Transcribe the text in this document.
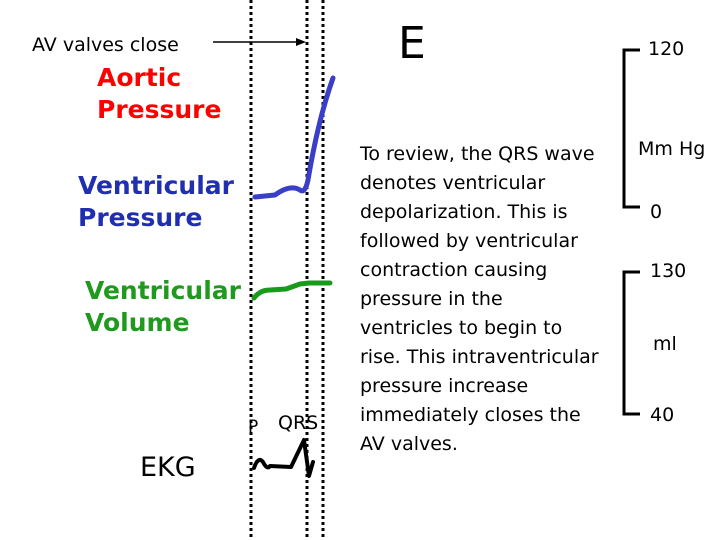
AV valves close	E
Aortic
Pressure
Ventricular
Pressure
Ventricular
Volume
P QRS
EKG
To review, the QRS wave denotes ventricular depolarization. This is followed by ventricular contraction causing pressure in the ventricles to begin to rise. This intraventricular pressure increase immediately closes the AV valves.
120
Mm Hg
0
130
ml
40
